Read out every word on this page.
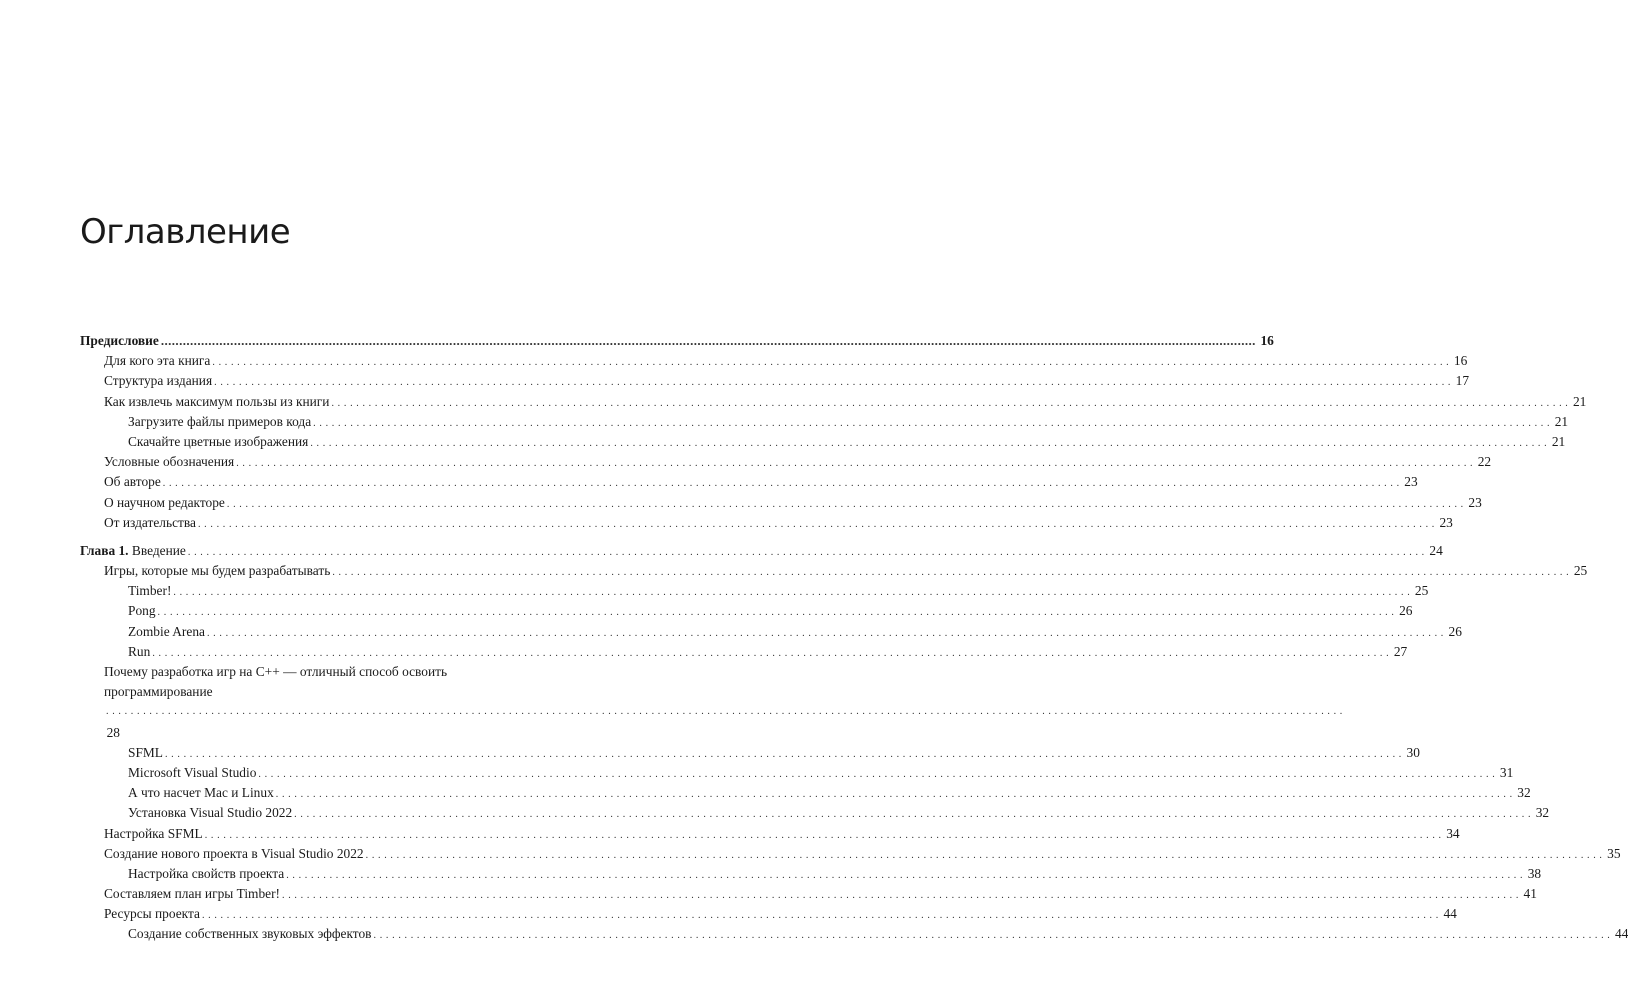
Оглавление
Предисловие ............................................................................................................................................................................................................................................................................................................ 16
Для кого эта книга . . . . . . . . . . . . . . . . . . . . . . . . . . . . . . . . . . . . . . . . . . . . . . . . . . . . . . . . . . . . . . . . . . . . . . . . . . . . . . . . . . . . . . . . . . . . . . . . . . . . . . . . . . . . . . . . . . . . . . . . . . . . . . . . . . . . . . . . . . . . . . . . . . . . . . . . . . . . . . . . . . . . . . . . . . . . . . . . . . . . . . . . . . . . . . . . . . . . . . . . 16
Структура издания . . . . . . . . . . . . . . . . . . . . . . . . . . . . . . . . . . . . . . . . . . . . . . . . . . . . . . . . . . . . . . . . . . . . . . . . . . . . . . . . . . . . . . . . . . . . . . . . . . . . . . . . . . . . . . . . . . . . . . . . . . . . . . . . . . . . . . . . . . . . . . . . . . . . . . . . . . . . . . . . . . . . . . . . . . . . . . . . . . . . . . . . . . . . . . . . . . . . . . . . 17
Как извлечь максимум пользы из книги . . . . . . . . . . . . . . . . . . . . . . . . . . . . . . . . . . . . . . . . . . . . . . . . . . . . . . . . . . . . . . . . . . . . . . . . . . . . . . . . . . . . . . . . . . . . . . . . . . . . . . . . . . . . . . . . . . . . . . . . . . . . . . . . . . . . . . . . . . . . . . . . . . . . . . . . . . . . . . . . . . . . . . . . . . . . . . . . . . . . . . . . . . . . . . . . . . . . . . . . 21
Загрузите файлы примеров кода . . . . . . . . . . . . . . . . . . . . . . . . . . . . . . . . . . . . . . . . . . . . . . . . . . . . . . . . . . . . . . . . . . . . . . . . . . . . . . . . . . . . . . . . . . . . . . . . . . . . . . . . . . . . . . . . . . . . . . . . . . . . . . . . . . . . . . . . . . . . . . . . . . . . . . . . . . . . . . . . . . . . . . . . . . . . . . . . . . . . . . . . . . . . . . . . . . . . . . . . 21
Скачайте цветные изображения . . . . . . . . . . . . . . . . . . . . . . . . . . . . . . . . . . . . . . . . . . . . . . . . . . . . . . . . . . . . . . . . . . . . . . . . . . . . . . . . . . . . . . . . . . . . . . . . . . . . . . . . . . . . . . . . . . . . . . . . . . . . . . . . . . . . . . . . . . . . . . . . . . . . . . . . . . . . . . . . . . . . . . . . . . . . . . . . . . . . . . . . . . . . . . . . . . . . . . . . 21
Условные обозначения . . . . . . . . . . . . . . . . . . . . . . . . . . . . . . . . . . . . . . . . . . . . . . . . . . . . . . . . . . . . . . . . . . . . . . . . . . . . . . . . . . . . . . . . . . . . . . . . . . . . . . . . . . . . . . . . . . . . . . . . . . . . . . . . . . . . . . . . . . . . . . . . . . . . . . . . . . . . . . . . . . . . . . . . . . . . . . . . . . . . . . . . . . . . . . . . . . . . . . . . 22
Об авторе . . . . . . . . . . . . . . . . . . . . . . . . . . . . . . . . . . . . . . . . . . . . . . . . . . . . . . . . . . . . . . . . . . . . . . . . . . . . . . . . . . . . . . . . . . . . . . . . . . . . . . . . . . . . . . . . . . . . . . . . . . . . . . . . . . . . . . . . . . . . . . . . . . . . . . . . . . . . . . . . . . . . . . . . . . . . . . . . . . . . . . . . . . . . . . . . . . . . . . . . 23
О научном редакторе . . . . . . . . . . . . . . . . . . . . . . . . . . . . . . . . . . . . . . . . . . . . . . . . . . . . . . . . . . . . . . . . . . . . . . . . . . . . . . . . . . . . . . . . . . . . . . . . . . . . . . . . . . . . . . . . . . . . . . . . . . . . . . . . . . . . . . . . . . . . . . . . . . . . . . . . . . . . . . . . . . . . . . . . . . . . . . . . . . . . . . . . . . . . . . . . . . . . . . . . 23
От издательства . . . . . . . . . . . . . . . . . . . . . . . . . . . . . . . . . . . . . . . . . . . . . . . . . . . . . . . . . . . . . . . . . . . . . . . . . . . . . . . . . . . . . . . . . . . . . . . . . . . . . . . . . . . . . . . . . . . . . . . . . . . . . . . . . . . . . . . . . . . . . . . . . . . . . . . . . . . . . . . . . . . . . . . . . . . . . . . . . . . . . . . . . . . . . . . . . . . . . . . . 23
Глава 1. Введение . . . . . . . . . . . . . . . . . . . . . . . . . . . . . . . . . . . . . . . . . . . . . . . . . . . . . . . . . . . . . . . . . . . . . . . . . . . . . . . . . . . . . . . . . . . . . . . . . . . . . . . . . . . . . . . . . . . . . . . . . . . . . . . . . . . . . . . . . . . . . . . . . . . . . . . . . . . . . . . . . . . . . . . . . . . . . . . . . . . . . . . . . . . . . . . . . . . . . . . . 24
Игры, которые мы будем разрабатывать . . . . . . . . . . . . . . . . . . . . . . . . . . . . . . . . . . . . . . . . . . . . . . . . . . . . . . . . . . . . . . . . . . . . . . . . . . . . . . . . . . . . . . . . . . . . . . . . . . . . . . . . . . . . . . . . . . . . . . . . . . . . . . . . . . . . . . . . . . . . . . . . . . . . . . . . . . . . . . . . . . . . . . . . . . . . . . . . . . . . . . . . . . . . . . . . . . . . . . . . 25
Timber! . . . . . . . . . . . . . . . . . . . . . . . . . . . . . . . . . . . . . . . . . . . . . . . . . . . . . . . . . . . . . . . . . . . . . . . . . . . . . . . . . . . . . . . . . . . . . . . . . . . . . . . . . . . . . . . . . . . . . . . . . . . . . . . . . . . . . . . . . . . . . . . . . . . . . . . . . . . . . . . . . . . . . . . . . . . . . . . . . . . . . . . . . . . . . . . . . . . . . . . . 25
Pong . . . . . . . . . . . . . . . . . . . . . . . . . . . . . . . . . . . . . . . . . . . . . . . . . . . . . . . . . . . . . . . . . . . . . . . . . . . . . . . . . . . . . . . . . . . . . . . . . . . . . . . . . . . . . . . . . . . . . . . . . . . . . . . . . . . . . . . . . . . . . . . . . . . . . . . . . . . . . . . . . . . . . . . . . . . . . . . . . . . . . . . . . . . . . . . . . . . . . . . . 26
Zombie Arena . . . . . . . . . . . . . . . . . . . . . . . . . . . . . . . . . . . . . . . . . . . . . . . . . . . . . . . . . . . . . . . . . . . . . . . . . . . . . . . . . . . . . . . . . . . . . . . . . . . . . . . . . . . . . . . . . . . . . . . . . . . . . . . . . . . . . . . . . . . . . . . . . . . . . . . . . . . . . . . . . . . . . . . . . . . . . . . . . . . . . . . . . . . . . . . . . . . . . . . . 26
Run . . . . . . . . . . . . . . . . . . . . . . . . . . . . . . . . . . . . . . . . . . . . . . . . . . . . . . . . . . . . . . . . . . . . . . . . . . . . . . . . . . . . . . . . . . . . . . . . . . . . . . . . . . . . . . . . . . . . . . . . . . . . . . . . . . . . . . . . . . . . . . . . . . . . . . . . . . . . . . . . . . . . . . . . . . . . . . . . . . . . . . . . . . . . . . . . . . . . . . . . 27
Почему разработка игр на C++ — отличный способ освоить
программирование
. . . . . . . . . . . . . . . . . . . . . . . . . . . . . . . . . . . . . . . . . . . . . . . . . . . . . . . . . . . . . . . . . . . . . . . . . . . . . . . . . . . . . . . . . . . . . . . . . . . . . . . . . . . . . . . . . . . . . . . . . . . . . . . . . . . . . . . . . . . . . . . . . . . . . . . . . . . . . . . . . . . . . . . . . . . . . . . . . . . . . . . . . . . . . . . . . . . . . . . .
28
SFML . . . . . . . . . . . . . . . . . . . . . . . . . . . . . . . . . . . . . . . . . . . . . . . . . . . . . . . . . . . . . . . . . . . . . . . . . . . . . . . . . . . . . . . . . . . . . . . . . . . . . . . . . . . . . . . . . . . . . . . . . . . . . . . . . . . . . . . . . . . . . . . . . . . . . . . . . . . . . . . . . . . . . . . . . . . . . . . . . . . . . . . . . . . . . . . . . . . . . . . . 30
Microsoft Visual Studio . . . . . . . . . . . . . . . . . . . . . . . . . . . . . . . . . . . . . . . . . . . . . . . . . . . . . . . . . . . . . . . . . . . . . . . . . . . . . . . . . . . . . . . . . . . . . . . . . . . . . . . . . . . . . . . . . . . . . . . . . . . . . . . . . . . . . . . . . . . . . . . . . . . . . . . . . . . . . . . . . . . . . . . . . . . . . . . . . . . . . . . . . . . . . . . . . . . . . . . . 31
А что насчет Mac и Linux . . . . . . . . . . . . . . . . . . . . . . . . . . . . . . . . . . . . . . . . . . . . . . . . . . . . . . . . . . . . . . . . . . . . . . . . . . . . . . . . . . . . . . . . . . . . . . . . . . . . . . . . . . . . . . . . . . . . . . . . . . . . . . . . . . . . . . . . . . . . . . . . . . . . . . . . . . . . . . . . . . . . . . . . . . . . . . . . . . . . . . . . . . . . . . . . . . . . . . . . 32
Установка Visual Studio 2022 . . . . . . . . . . . . . . . . . . . . . . . . . . . . . . . . . . . . . . . . . . . . . . . . . . . . . . . . . . . . . . . . . . . . . . . . . . . . . . . . . . . . . . . . . . . . . . . . . . . . . . . . . . . . . . . . . . . . . . . . . . . . . . . . . . . . . . . . . . . . . . . . . . . . . . . . . . . . . . . . . . . . . . . . . . . . . . . . . . . . . . . . . . . . . . . . . . . . . . . . 32
Настройка SFML . . . . . . . . . . . . . . . . . . . . . . . . . . . . . . . . . . . . . . . . . . . . . . . . . . . . . . . . . . . . . . . . . . . . . . . . . . . . . . . . . . . . . . . . . . . . . . . . . . . . . . . . . . . . . . . . . . . . . . . . . . . . . . . . . . . . . . . . . . . . . . . . . . . . . . . . . . . . . . . . . . . . . . . . . . . . . . . . . . . . . . . . . . . . . . . . . . . . . . . . 34
Создание нового проекта в Visual Studio 2022 . . . . . . . . . . . . . . . . . . . . . . . . . . . . . . . . . . . . . . . . . . . . . . . . . . . . . . . . . . . . . . . . . . . . . . . . . . . . . . . . . . . . . . . . . . . . . . . . . . . . . . . . . . . . . . . . . . . . . . . . . . . . . . . . . . . . . . . . . . . . . . . . . . . . . . . . . . . . . . . . . . . . . . . . . . . . . . . . . . . . . . . . . . . . . . . . . . . . . . . . 35
Настройка свойств проекта . . . . . . . . . . . . . . . . . . . . . . . . . . . . . . . . . . . . . . . . . . . . . . . . . . . . . . . . . . . . . . . . . . . . . . . . . . . . . . . . . . . . . . . . . . . . . . . . . . . . . . . . . . . . . . . . . . . . . . . . . . . . . . . . . . . . . . . . . . . . . . . . . . . . . . . . . . . . . . . . . . . . . . . . . . . . . . . . . . . . . . . . . . . . . . . . . . . . . . . . 38
Составляем план игры Timber! . . . . . . . . . . . . . . . . . . . . . . . . . . . . . . . . . . . . . . . . . . . . . . . . . . . . . . . . . . . . . . . . . . . . . . . . . . . . . . . . . . . . . . . . . . . . . . . . . . . . . . . . . . . . . . . . . . . . . . . . . . . . . . . . . . . . . . . . . . . . . . . . . . . . . . . . . . . . . . . . . . . . . . . . . . . . . . . . . . . . . . . . . . . . . . . . . . . . . . . . 41
Ресурсы проекта . . . . . . . . . . . . . . . . . . . . . . . . . . . . . . . . . . . . . . . . . . . . . . . . . . . . . . . . . . . . . . . . . . . . . . . . . . . . . . . . . . . . . . . . . . . . . . . . . . . . . . . . . . . . . . . . . . . . . . . . . . . . . . . . . . . . . . . . . . . . . . . . . . . . . . . . . . . . . . . . . . . . . . . . . . . . . . . . . . . . . . . . . . . . . . . . . . . . . . . . 44
Создание собственных звуковых эффектов . . . . . . . . . . . . . . . . . . . . . . . . . . . . . . . . . . . . . . . . . . . . . . . . . . . . . . . . . . . . . . . . . . . . . . . . . . . . . . . . . . . . . . . . . . . . . . . . . . . . . . . . . . . . . . . . . . . . . . . . . . . . . . . . . . . . . . . . . . . . . . . . . . . . . . . . . . . . . . . . . . . . . . . . . . . . . . . . . . . . . . . . . . . . . . . . . . . . . . . . 44
